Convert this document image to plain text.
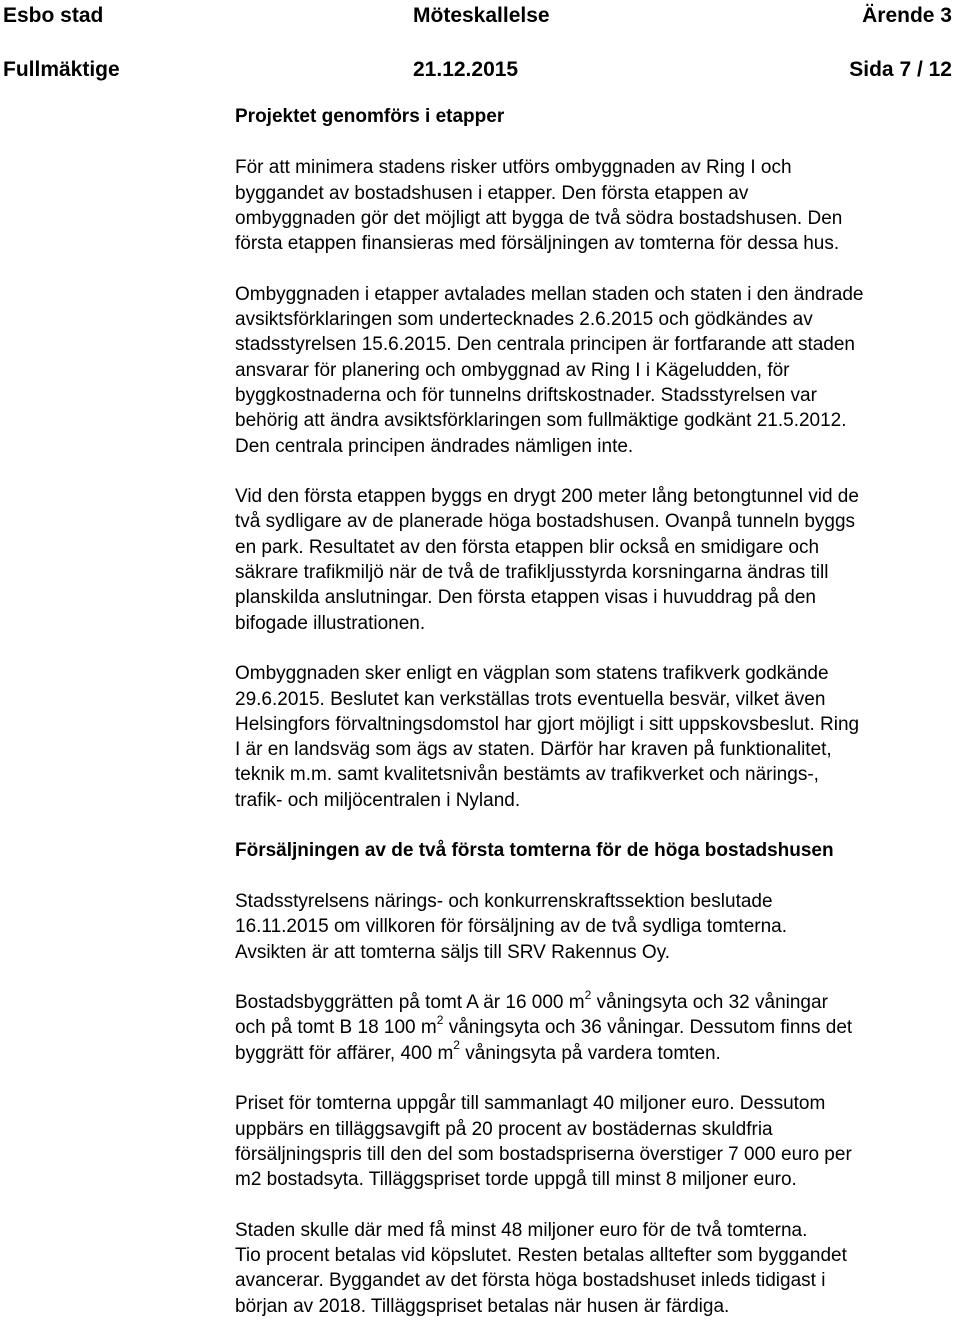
Esbo stad	Möteskallelse	Ärende 3
Fullmäktige	21.12.2015	Sida 7 / 12

Projektet genomförs i etapper

För att minimera stadens risker utförs ombyggnaden av Ring I och
byggandet av bostadshusen i etapper. Den första etappen av
ombyggnaden gör det möjligt att bygga de två södra bostadshusen. Den
första etappen finansieras med försäljningen av tomterna för dessa hus.

Ombyggnaden i etapper avtalades mellan staden och staten i den ändrade
avsiktsförklaringen som undertecknades 2.6.2015 och gödkändes av
stadsstyrelsen 15.6.2015. Den centrala principen är fortfarande att staden
ansvarar för planering och ombyggnad av Ring I i Kägeludden, för
byggkostnaderna och för tunnelns driftskostnader. Stadsstyrelsen var
behörig att ändra avsiktsförklaringen som fullmäktige godkänt 21.5.2012.
Den centrala principen ändrades nämligen inte.

Vid den första etappen byggs en drygt 200 meter lång betongtunnel vid de
två sydligare av de planerade höga bostadshusen. Ovanpå tunneln byggs
en park. Resultatet av den första etappen blir också en smidigare och
säkrare trafikmiljö när de två de trafikljusstyrda korsningarna ändras till
planskilda anslutningar. Den första etappen visas i huvuddrag på den
bifogade illustrationen.

Ombyggnaden sker enligt en vägplan som statens trafikverk godkände
29.6.2015. Beslutet kan verkställas trots eventuella besvär, vilket även
Helsingfors förvaltningsdomstol har gjort möjligt i sitt uppskovsbeslut. Ring
I är en landsväg som ägs av staten. Därför har kraven på funktionalitet,
teknik m.m. samt kvalitetsnivån bestämts av trafikverket och närings-,
trafik- och miljöcentralen i Nyland.

Försäljningen av de två första tomterna för de höga bostadshusen

Stadsstyrelsens närings- och konkurrenskraftssektion beslutade
16.11.2015 om villkoren för försäljning av de två sydliga tomterna.
Avsikten är att tomterna säljs till SRV Rakennus Oy.

Bostadsbyggrätten på tomt A är 16 000 $m^2$ våningsyta och 32 våningar
och på tomt B 18 100 $m^2$ våningsyta och 36 våningar. Dessutom finns det
byggrätt för affärer, 400 $m^2$ våningsyta på vardera tomten.

Priset för tomterna uppgår till sammanlagt 40 miljoner euro. Dessutom
uppbärs en tilläggsavgift på 20 procent av bostädernas skuldfria
försäljningspris till den del som bostadspriserna överstiger 7 000 euro per
m2 bostadsyta. Tilläggspriset torde uppgå till minst 8 miljoner euro.

Staden skulle där med få minst 48 miljoner euro för de två tomterna.
Tio procent betalas vid köpslutet. Resten betalas alltefter som byggandet
avancerar. Byggandet av det första höga bostadshuset inleds tidigast i
början av 2018. Tilläggspriset betalas när husen är färdiga.
